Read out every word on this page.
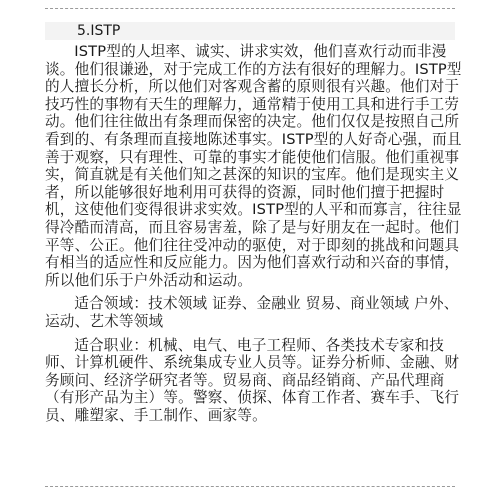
5.ISTP

ISTP型的人坦率、诚实、讲求实效，他们喜欢行动而非漫谈。他们很谦逊，对于完成工作的方法有很好的理解力。ISTP型的人擅长分析，所以他们对客观含蓄的原则很有兴趣。他们对于技巧性的事物有天生的理解力，通常精于使用工具和进行手工劳动。他们往往做出有条理而保密的决定。他们仅仅是按照自己所看到的、有条理而直接地陈述事实。ISTP型的人好奇心强，而且善于观察，只有理性、可靠的事实才能使他们信服。他们重视事实，简直就是有关他们知之甚深的知识的宝库。他们是现实主义者，所以能够很好地利用可获得的资源，同时他们擅于把握时机，这使他们变得很讲求实效。ISTP型的人平和而寡言，往往显得冷酷而清高，而且容易害羞，除了是与好朋友在一起时。他们平等、公正。他们往往受冲动的驱使，对于即刻的挑战和问题具有相当的适应性和反应能力。因为他们喜欢行动和兴奋的事情，所以他们乐于户外活动和运动。

适合领域：技术领域 证券、金融业 贸易、商业领域 户外、运动、艺术等领域

适合职业：机械、电气、电子工程师、各类技术专家和技师、计算机硬件、系统集成专业人员等。证券分析师、金融、财务顾问、经济学研究者等。贸易商、商品经销商、产品代理商（有形产品为主）等。警察、侦探、体育工作者、赛车手、飞行员、雕塑家、手工制作、画家等。
